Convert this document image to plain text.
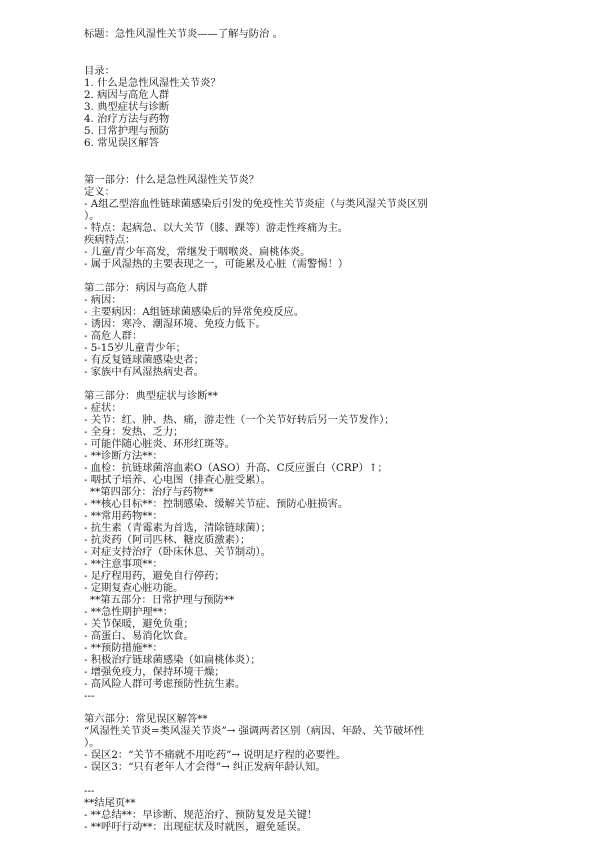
标题：急性风湿性关节炎——了解与防治 。
目录：
1. 什么是急性风湿性关节炎？
2. 病因与高危人群
3. 典型症状与诊断
4. 治疗方法与药物
5. 日常护理与预防
6. 常见误区解答
第一部分：什么是急性风湿性关节炎？
定义：
- A组乙型溶血性链球菌感染后引发的免疫性关节炎症（与类风湿关节炎区别
）。
- 特点：起病急、以大关节（膝、踝等）游走性疼痛为主。
疾病特点：
- 儿童/青少年高发，常继发于咽喉炎、扁桃体炎。
- 属于风湿热的主要表现之一，可能累及心脏（需警惕！）
第二部分：病因与高危人群
- 病因：
- 主要病因：A组链球菌感染后的异常免疫反应。
- 诱因：寒冷、潮湿环境、免疫力低下。
- 高危人群：
- 5-15岁儿童青少年；
- 有反复链球菌感染史者；
- 家族中有风湿热病史者。
第三部分：典型症状与诊断**
- 症状：
- 关节：红、肿、热、痛，游走性（一个关节好转后另一关节发作）；
- 全身：发热、乏力；
- 可能伴随心脏炎、环形红斑等。
- **诊断方法**：
- 血检：抗链球菌溶血素O（ASO）升高、C反应蛋白（CRP）↑；
- 咽拭子培养、心电图（排查心脏受累）。
**第四部分：治疗与药物**
- **核心目标**：控制感染、缓解关节症、预防心脏损害。
- **常用药物**：
- 抗生素（青霉素为首选，清除链球菌）；
- 抗炎药（阿司匹林、糖皮质激素）；
- 对症支持治疗（卧床休息、关节制动）。
- **注意事项**：
- 足疗程用药，避免自行停药；
- 定期复查心脏功能。
**第五部分：日常护理与预防**
- **急性期护理**：
- 关节保暖，避免负重；
- 高蛋白、易消化饮食。
- **预防措施**：
- 积极治疗链球菌感染（如扁桃体炎）；
- 增强免疫力，保持环境干燥；
- 高风险人群可考虑预防性抗生素。
---
第六部分：常见误区解答**
“风湿性关节炎=类风湿关节炎”→ 强调两者区别（病因、年龄、关节破坏性
）。
- 误区2：“关节不痛就不用吃药”→ 说明足疗程的必要性。
- 误区3：“只有老年人才会得”→ 纠正发病年龄认知。
---
**结尾页**
- **总结**：早诊断、规范治疗、预防复发是关键！
- **呼吁行动**：出现症状及时就医，避免延误。
